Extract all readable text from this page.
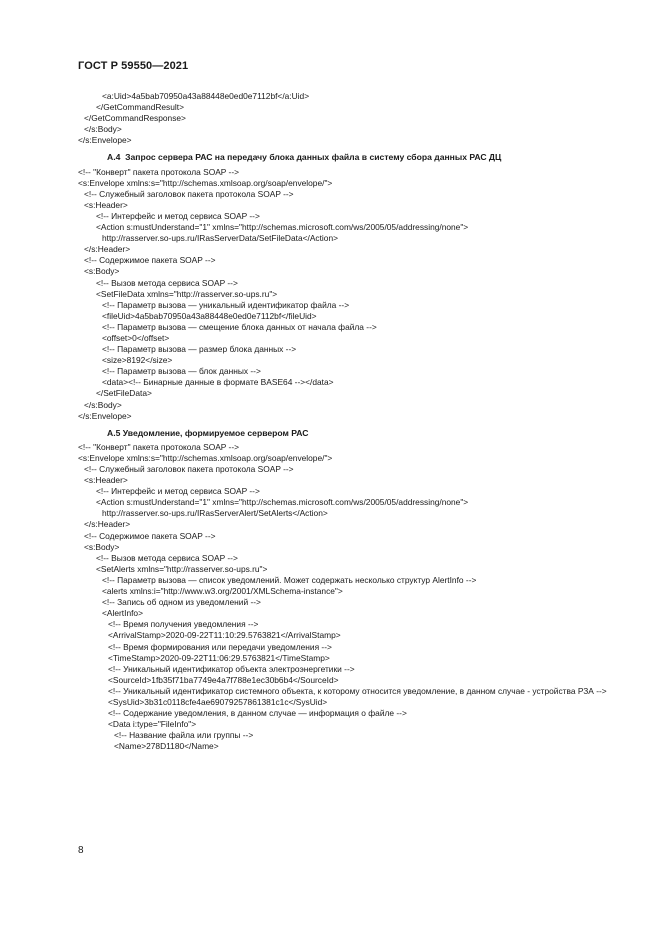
ГОСТ Р 59550—2021
<a:Uid>4a5bab70950a43a88448e0ed0e7112bf</a:Uid>
</GetCommandResult>
</GetCommandResponse>
</s:Body>
</s:Envelope>
А.4  Запрос сервера РАС на передачу блока данных файла в систему сбора данных РАС ДЦ
<!-- "Конверт" пакета протокола SOAP -->
<s:Envelope xmlns:s="http://schemas.xmlsoap.org/soap/envelope/">
<!-- Служебный заголовок пакета протокола SOAP -->
<s:Header>
<!-- Интерфейс и метод сервиса SOAP -->
<Action s:mustUnderstand="1" xmlns="http://schemas.microsoft.com/ws/2005/05/addressing/none">
http://rasserver.so-ups.ru/IRasServerData/SetFileData</Action>
</s:Header>
<!-- Содержимое пакета SOAP -->
<s:Body>
<!-- Вызов метода сервиса SOAP -->
<SetFileData xmlns="http://rasserver.so-ups.ru">
<!-- Параметр вызова — уникальный идентификатор файла -->
<fileUid>4a5bab70950a43a88448e0ed0e7112bf</fileUid>
<!-- Параметр вызова — смещение блока данных от начала файла -->
<offset>0</offset>
<!-- Параметр вызова — размер блока данных -->
<size>8192</size>
<!-- Параметр вызова — блок данных -->
<data><!-- Бинарные данные в формате BASE64 --></data>
</SetFileData>
</s:Body>
</s:Envelope>
А.5 Уведомление, формируемое сервером РАС
<!-- "Конверт" пакета протокола SOAP -->
<s:Envelope xmlns:s="http://schemas.xmlsoap.org/soap/envelope/">
<!-- Служебный заголовок пакета протокола SOAP -->
<s:Header>
<!-- Интерфейс и метод сервиса SOAP -->
<Action s:mustUnderstand="1" xmlns="http://schemas.microsoft.com/ws/2005/05/addressing/none">
http://rasserver.so-ups.ru/IRasServerAlert/SetAlerts</Action>
</s:Header>
<!-- Содержимое пакета SOAP -->
<s:Body>
<!-- Вызов метода сервиса SOAP -->
<SetAlerts xmlns="http://rasserver.so-ups.ru">
<!-- Параметр вызова — список уведомлений. Может содержать несколько структур AlertInfo -->
<alerts xmlns:i="http://www.w3.org/2001/XMLSchema-instance">
<!-- Запись об одном из уведомлений -->
<AlertInfo>
<!-- Время получения уведомления -->
<ArrivalStamp>2020-09-22T11:10:29.5763821</ArrivalStamp>
<!-- Время формирования или передачи уведомления -->
<TimeStamp>2020-09-22T11:06:29.5763821</TimeStamp>
<!-- Уникальный идентификатор объекта электроэнергетики -->
<SourceId>1fb35f71ba7749e4a7f788e1ec30b6b4</SourceId>
<!-- Уникальный идентификатор системного объекта, к которому относится уведомление, в данном случае - устройства РЗА -->
<SysUid>3b31c0118cfe4ae69079257861381c1c</SysUid>
<!-- Содержание уведомления, в данном случае — информация о файле -->
<Data i:type="FileInfo">
<!-- Название файла или группы -->
<Name>278D1180</Name>
8
